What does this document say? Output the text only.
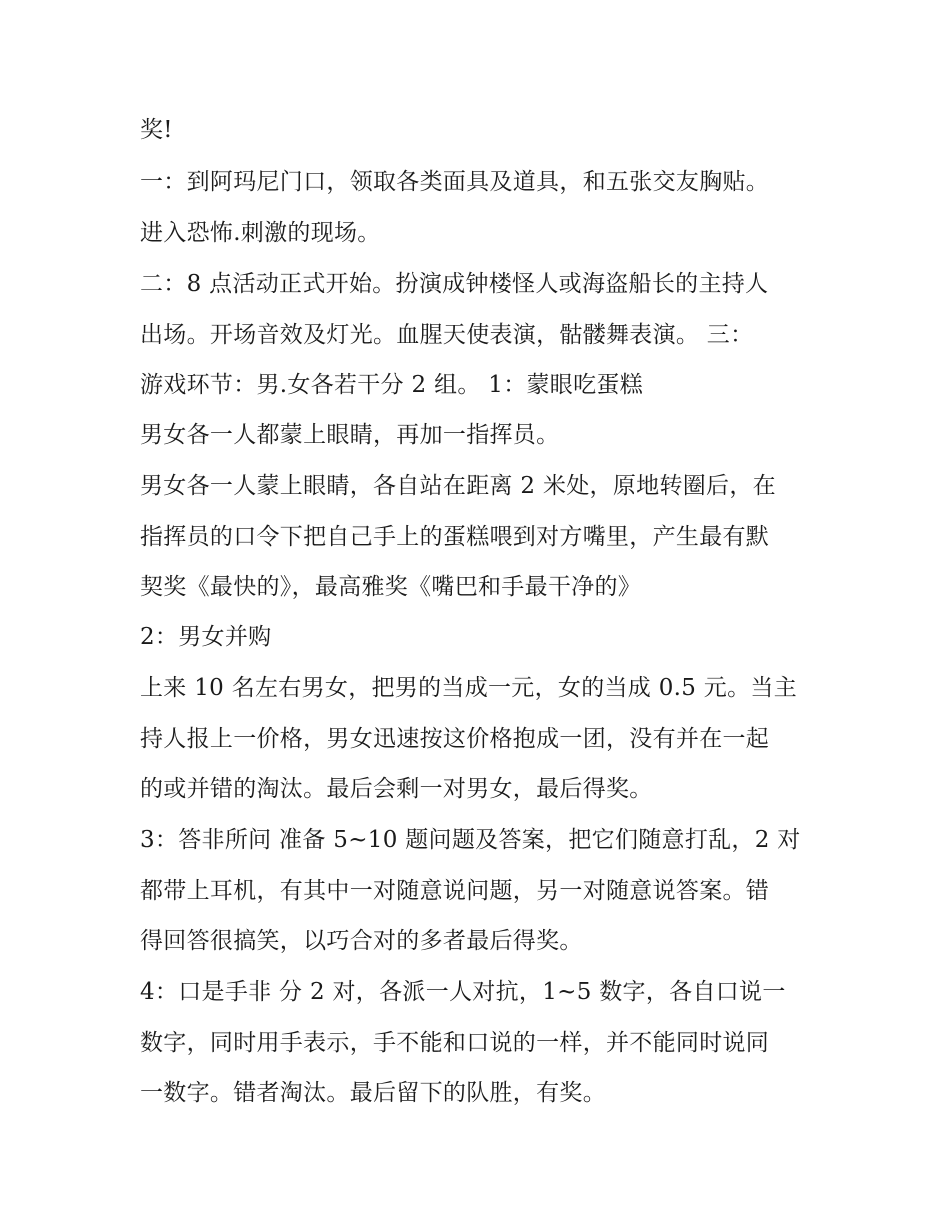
奖!
一：到阿玛尼门口，领取各类面具及道具，和五张交友胸贴。
进入恐怖.刺激的现场。
二：8 点活动正式开始。扮演成钟楼怪人或海盗船长的主持人
出场。开场音效及灯光。血腥天使表演，骷髅舞表演。 三：
游戏环节：男.女各若干分 2 组。 1：蒙眼吃蛋糕
男女各一人都蒙上眼睛，再加一指挥员。
男女各一人蒙上眼睛，各自站在距离 2 米处，原地转圈后，在
指挥员的口令下把自己手上的蛋糕喂到对方嘴里，产生最有默
契奖《最快的》，最高雅奖《嘴巴和手最干净的》
2：男女并购
上来 10 名左右男女，把男的当成一元，女的当成 0.5 元。当主
持人报上一价格，男女迅速按这价格抱成一团，没有并在一起
的或并错的淘汰。最后会剩一对男女，最后得奖。
3：答非所问 准备 5~10 题问题及答案，把它们随意打乱，2 对
都带上耳机，有其中一对随意说问题，另一对随意说答案。错
得回答很搞笑，以巧合对的多者最后得奖。
4：口是手非 分 2 对，各派一人对抗，1~5 数字，各自口说一
数字，同时用手表示，手不能和口说的一样，并不能同时说同
一数字。错者淘汰。最后留下的队胜，有奖。
